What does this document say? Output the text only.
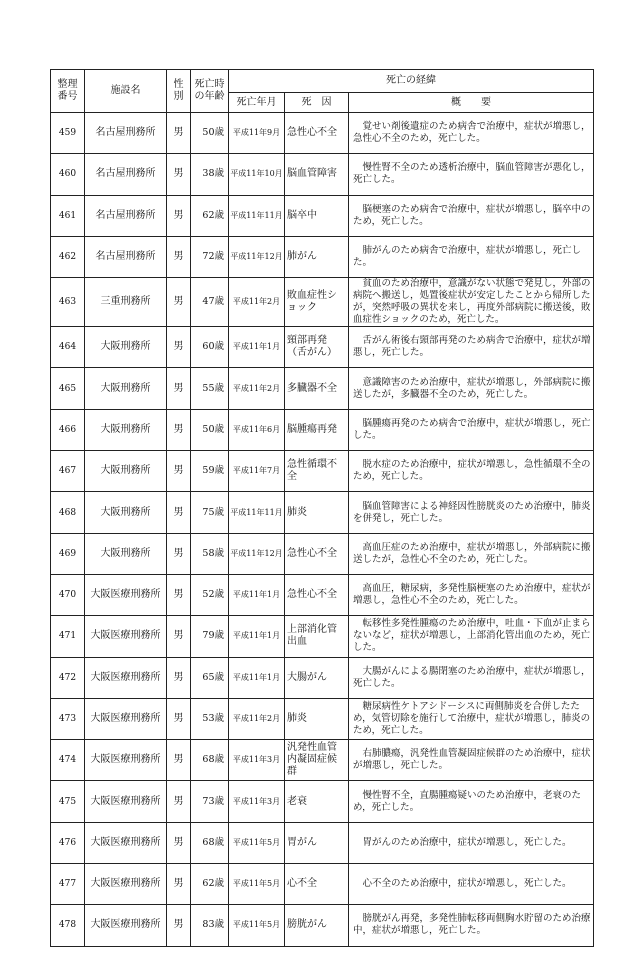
整理番号	施設名	性別	死亡時の年齢	死亡の経緯		
				死亡年月	死　因	概　　要
459	名古屋刑務所	男	50歳	平成11年9月	急性心不全	　覚せい剤後遺症のため病舎で治療中，症状が増悪し，急性心不全のため，死亡した。
460	名古屋刑務所	男	38歳	平成11年10月	脳血管障害	　慢性腎不全のため透析治療中，脳血管障害が悪化し，死亡した。
461	名古屋刑務所	男	62歳	平成11年11月	脳卒中	　脳梗塞のため病舎で治療中，症状が増悪し，脳卒中のため，死亡した。
462	名古屋刑務所	男	72歳	平成11年12月	肺がん	　肺がんのため病舎で治療中，症状が増悪し，死亡した。
463	三重刑務所	男	47歳	平成11年2月	敗血症性ショック	　貧血のため治療中，意識がない状態で発見し，外部の病院へ搬送し，処置後症状が安定したことから帰所したが，突然呼吸の異状を来し，再度外部病院に搬送後，敗血症性ショックのため，死亡した。
464	大阪刑務所	男	60歳	平成11年1月	頸部再発（舌がん）	　舌がん術後右頸部再発のため病舎で治療中，症状が増悪し，死亡した。
465	大阪刑務所	男	55歳	平成11年2月	多臓器不全	　意識障害のため治療中，症状が増悪し，外部病院に搬送したが，多臓器不全のため，死亡した。
466	大阪刑務所	男	50歳	平成11年6月	脳腫瘍再発	　脳腫瘍再発のため病舎で治療中，症状が増悪し，死亡した。
467	大阪刑務所	男	59歳	平成11年7月	急性循環不全	　脱水症のため治療中，症状が増悪し，急性循環不全のため，死亡した。
468	大阪刑務所	男	75歳	平成11年11月	肺炎	　脳血管障害による神経因性膀胱炎のため治療中，肺炎を併発し，死亡した。
469	大阪刑務所	男	58歳	平成11年12月	急性心不全	　高血圧症のため治療中，症状が増悪し，外部病院に搬送したが，急性心不全のため，死亡した。
470	大阪医療刑務所	男	52歳	平成11年1月	急性心不全	　高血圧，糖尿病，多発性脳梗塞のため治療中，症状が増悪し，急性心不全のため，死亡した。
471	大阪医療刑務所	男	79歳	平成11年1月	上部消化管出血	　転移性多発性腫瘍のため治療中，吐血・下血が止まらないなど，症状が増悪し，上部消化管出血のため，死亡した。
472	大阪医療刑務所	男	65歳	平成11年1月	大腸がん	　大腸がんによる腸閉塞のため治療中，症状が増悪し，死亡した。
473	大阪医療刑務所	男	53歳	平成11年2月	肺炎	　糖尿病性ケトアシドーシスに両側肺炎を合併したため，気管切除を施行して治療中，症状が増悪し，肺炎のため，死亡した。
474	大阪医療刑務所	男	68歳	平成11年3月	汎発性血管内凝固症候群	　右肺膿瘍，汎発性血管凝固症候群のため治療中，症状が増悪し，死亡した。
475	大阪医療刑務所	男	73歳	平成11年3月	老衰	　慢性腎不全，直腸腫瘍疑いのため治療中，老衰のため，死亡した。
476	大阪医療刑務所	男	68歳	平成11年5月	胃がん	　胃がんのため治療中，症状が増悪し，死亡した。
477	大阪医療刑務所	男	62歳	平成11年5月	心不全	　心不全のため治療中，症状が増悪し，死亡した。
478	大阪医療刑務所	男	83歳	平成11年5月	膀胱がん	　膀胱がん再発，多発性肺転移両側胸水貯留のため治療中，症状が増悪し，死亡した。
